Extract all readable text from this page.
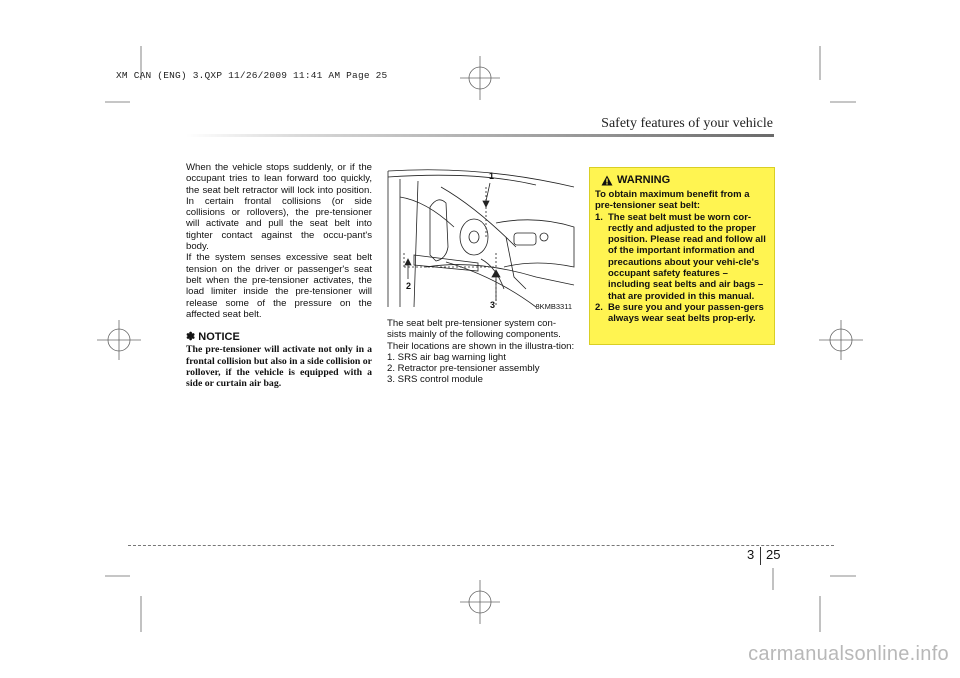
XM CAN (ENG) 3.QXP 11/26/2009 11:41 AM Page 25
Safety features of your vehicle

When the vehicle stops suddenly, or if the occupant tries to lean forward too quickly, the seat belt retractor will lock into position. In certain frontal collisions (or side collisions or rollovers), the pre-tensioner will activate and pull the seat belt into tighter contact against the occu-pant's body.

If the system senses excessive seat belt tension on the driver or passenger's seat belt when the pre-tensioner activates, the load limiter inside the pre-tensioner will release some of the pressure on the affected seat belt.

✽ NOTICE
The pre-tensioner will activate not only in a frontal collision but also in a side collision or rollover, if the vehicle is equipped with a side or curtain air bag.
1
2
3	8KMB3311

The seat belt pre-tensioner system con-sists mainly of the following components. Their locations are shown in the illustra-tion:

1. SRS air bag warning light

2. Retractor pre-tensioner assembly

3. SRS control module

WARNING
To obtain maximum benefit from a pre-tensioner seat belt:
1. The seat belt must be worn cor-rectly and adjusted to the proper position. Please read and follow all of the important information and precautions about your vehi-cle's occupant safety features – including seat belts and air bags – that are provided in this manual.
2. Be sure you and your passen-gers always wear seat belts prop-erly.
3 25
carmanualsonline.info
